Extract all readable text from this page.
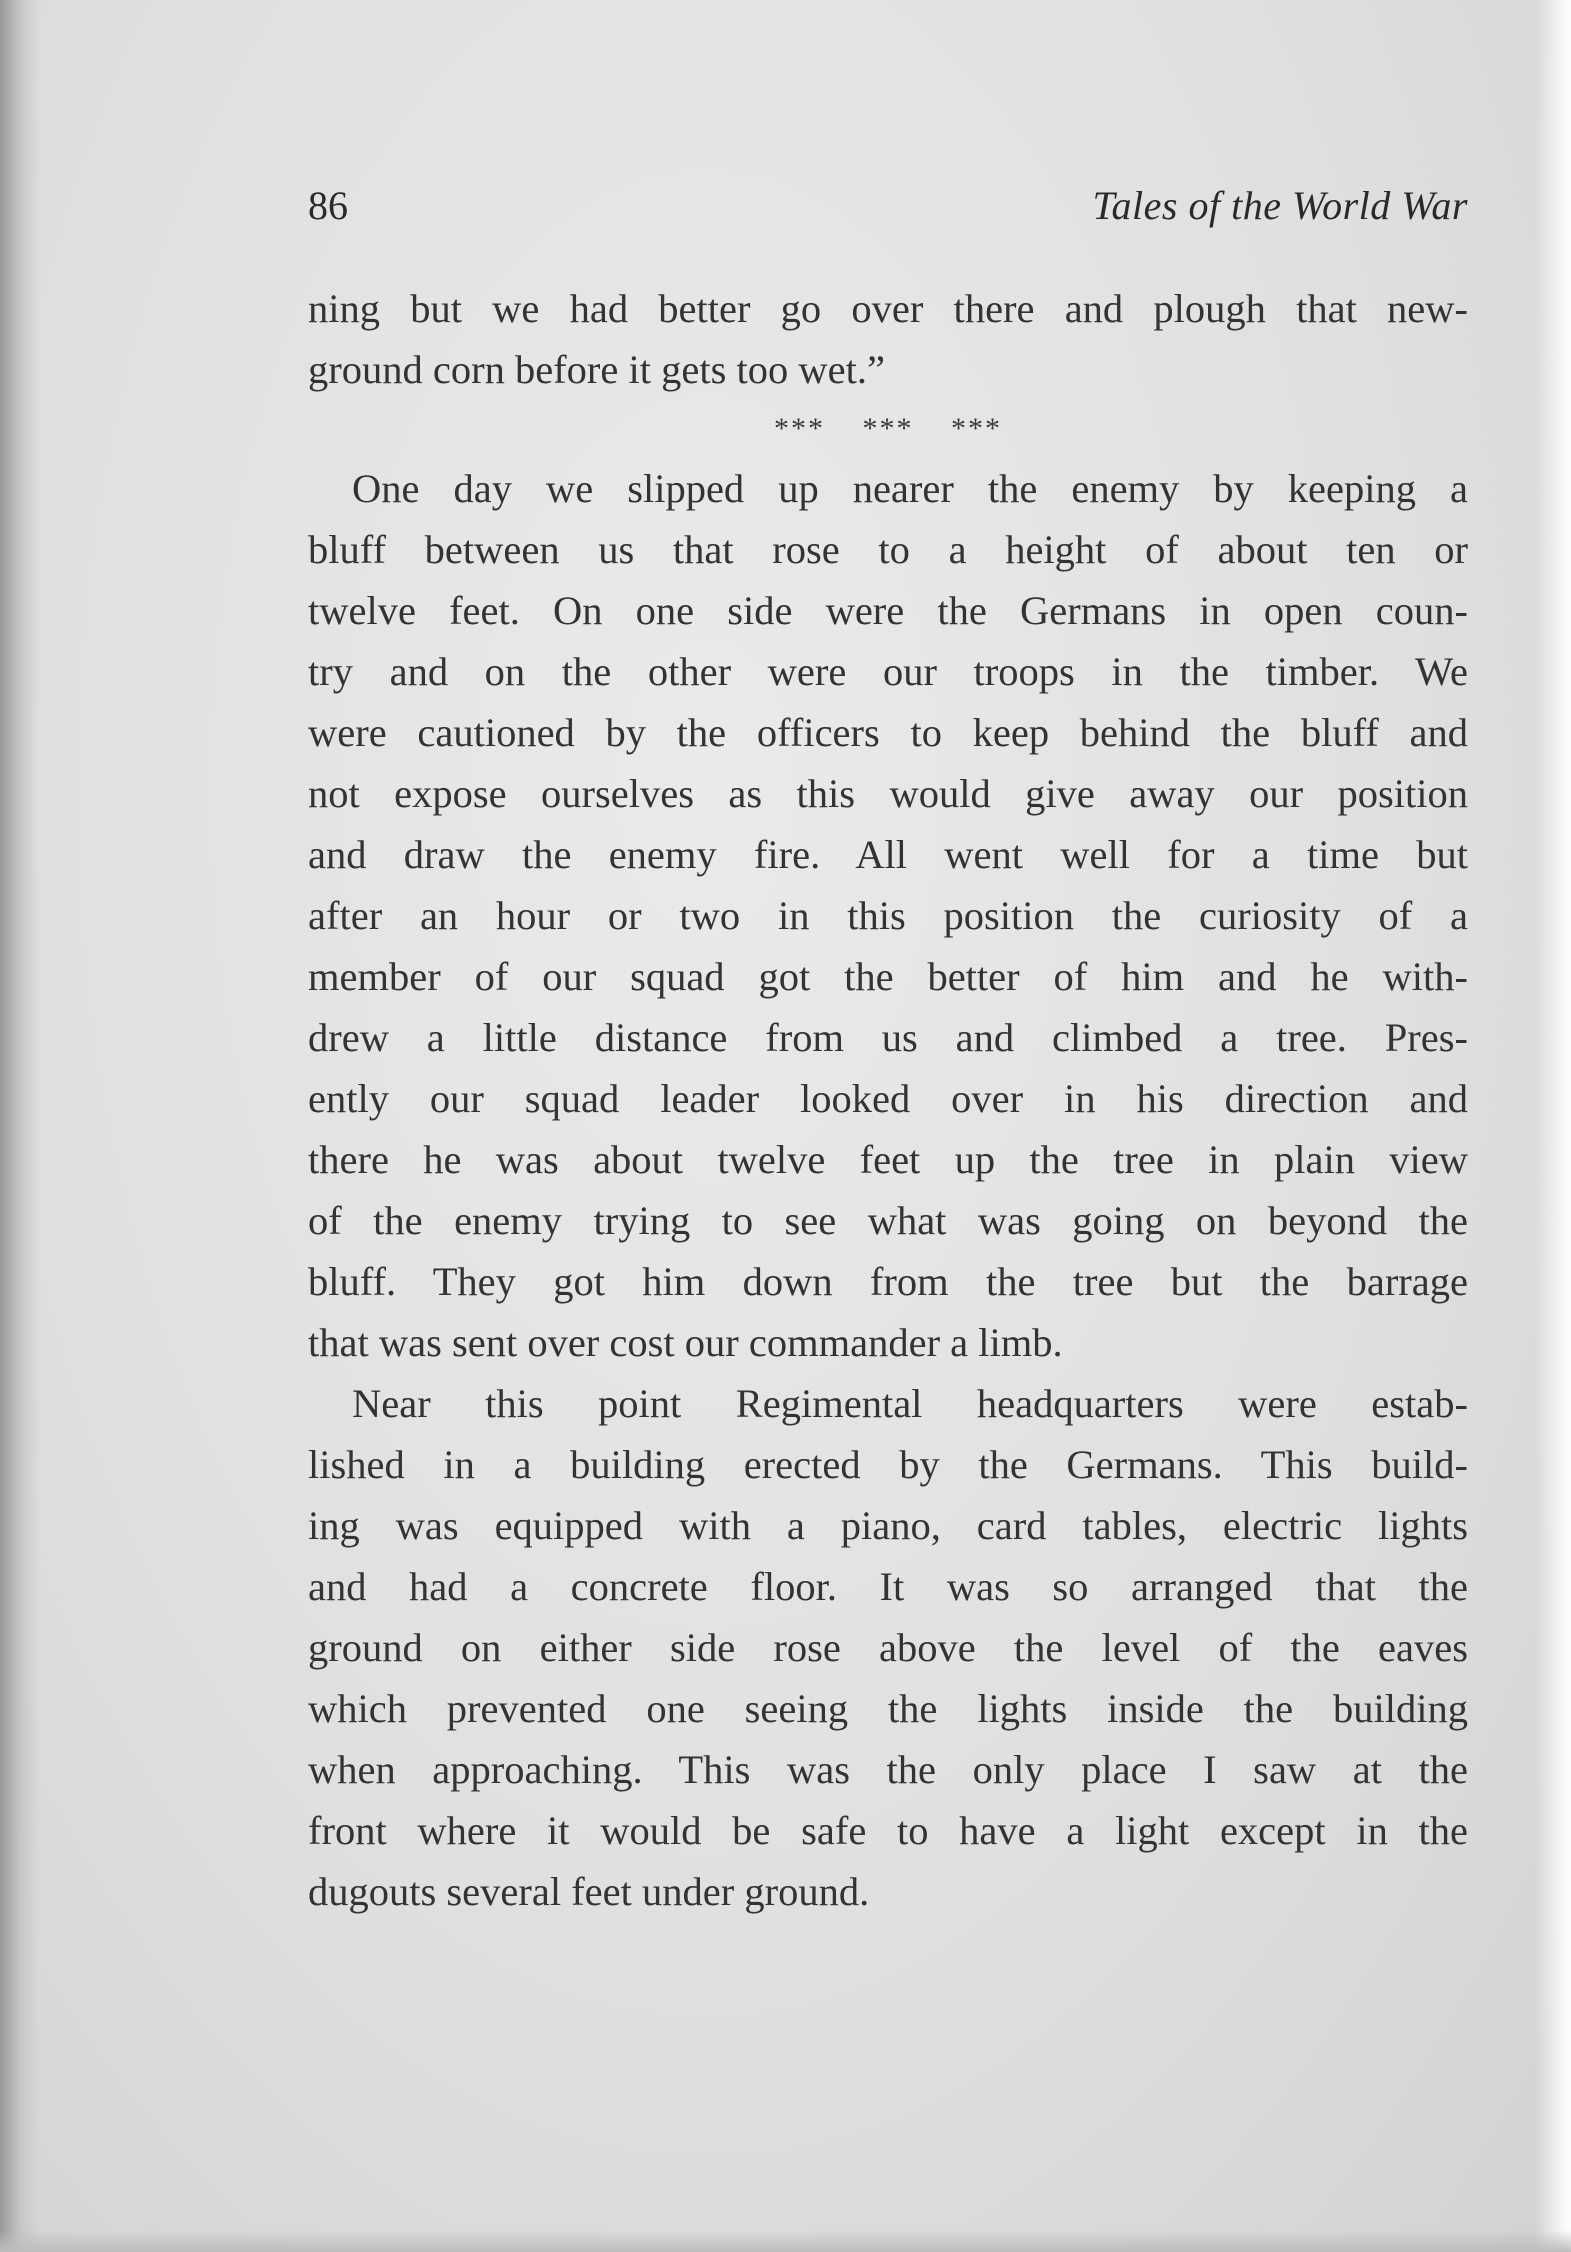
86	Tales of the World War
ning but we had better go over there and plough that new-
ground corn before it gets too wet.”
*** *** ***
One day we slipped up nearer the enemy by keeping a
bluff between us that rose to a height of about ten or
twelve feet. On one side were the Germans in open coun-
try and on the other were our troops in the timber. We
were cautioned by the officers to keep behind the bluff and
not expose ourselves as this would give away our position
and draw the enemy fire. All went well for a time but
after an hour or two in this position the curiosity of a
member of our squad got the better of him and he with-
drew a little distance from us and climbed a tree. Pres-
ently our squad leader looked over in his direction and
there he was about twelve feet up the tree in plain view
of the enemy trying to see what was going on beyond the
bluff. They got him down from the tree but the barrage
that was sent over cost our commander a limb.
Near this point Regimental headquarters were estab-
lished in a building erected by the Germans. This build-
ing was equipped with a piano, card tables, electric lights
and had a concrete floor. It was so arranged that the
ground on either side rose above the level of the eaves
which prevented one seeing the lights inside the building
when approaching. This was the only place I saw at the
front where it would be safe to have a light except in the
dugouts several feet under ground.
